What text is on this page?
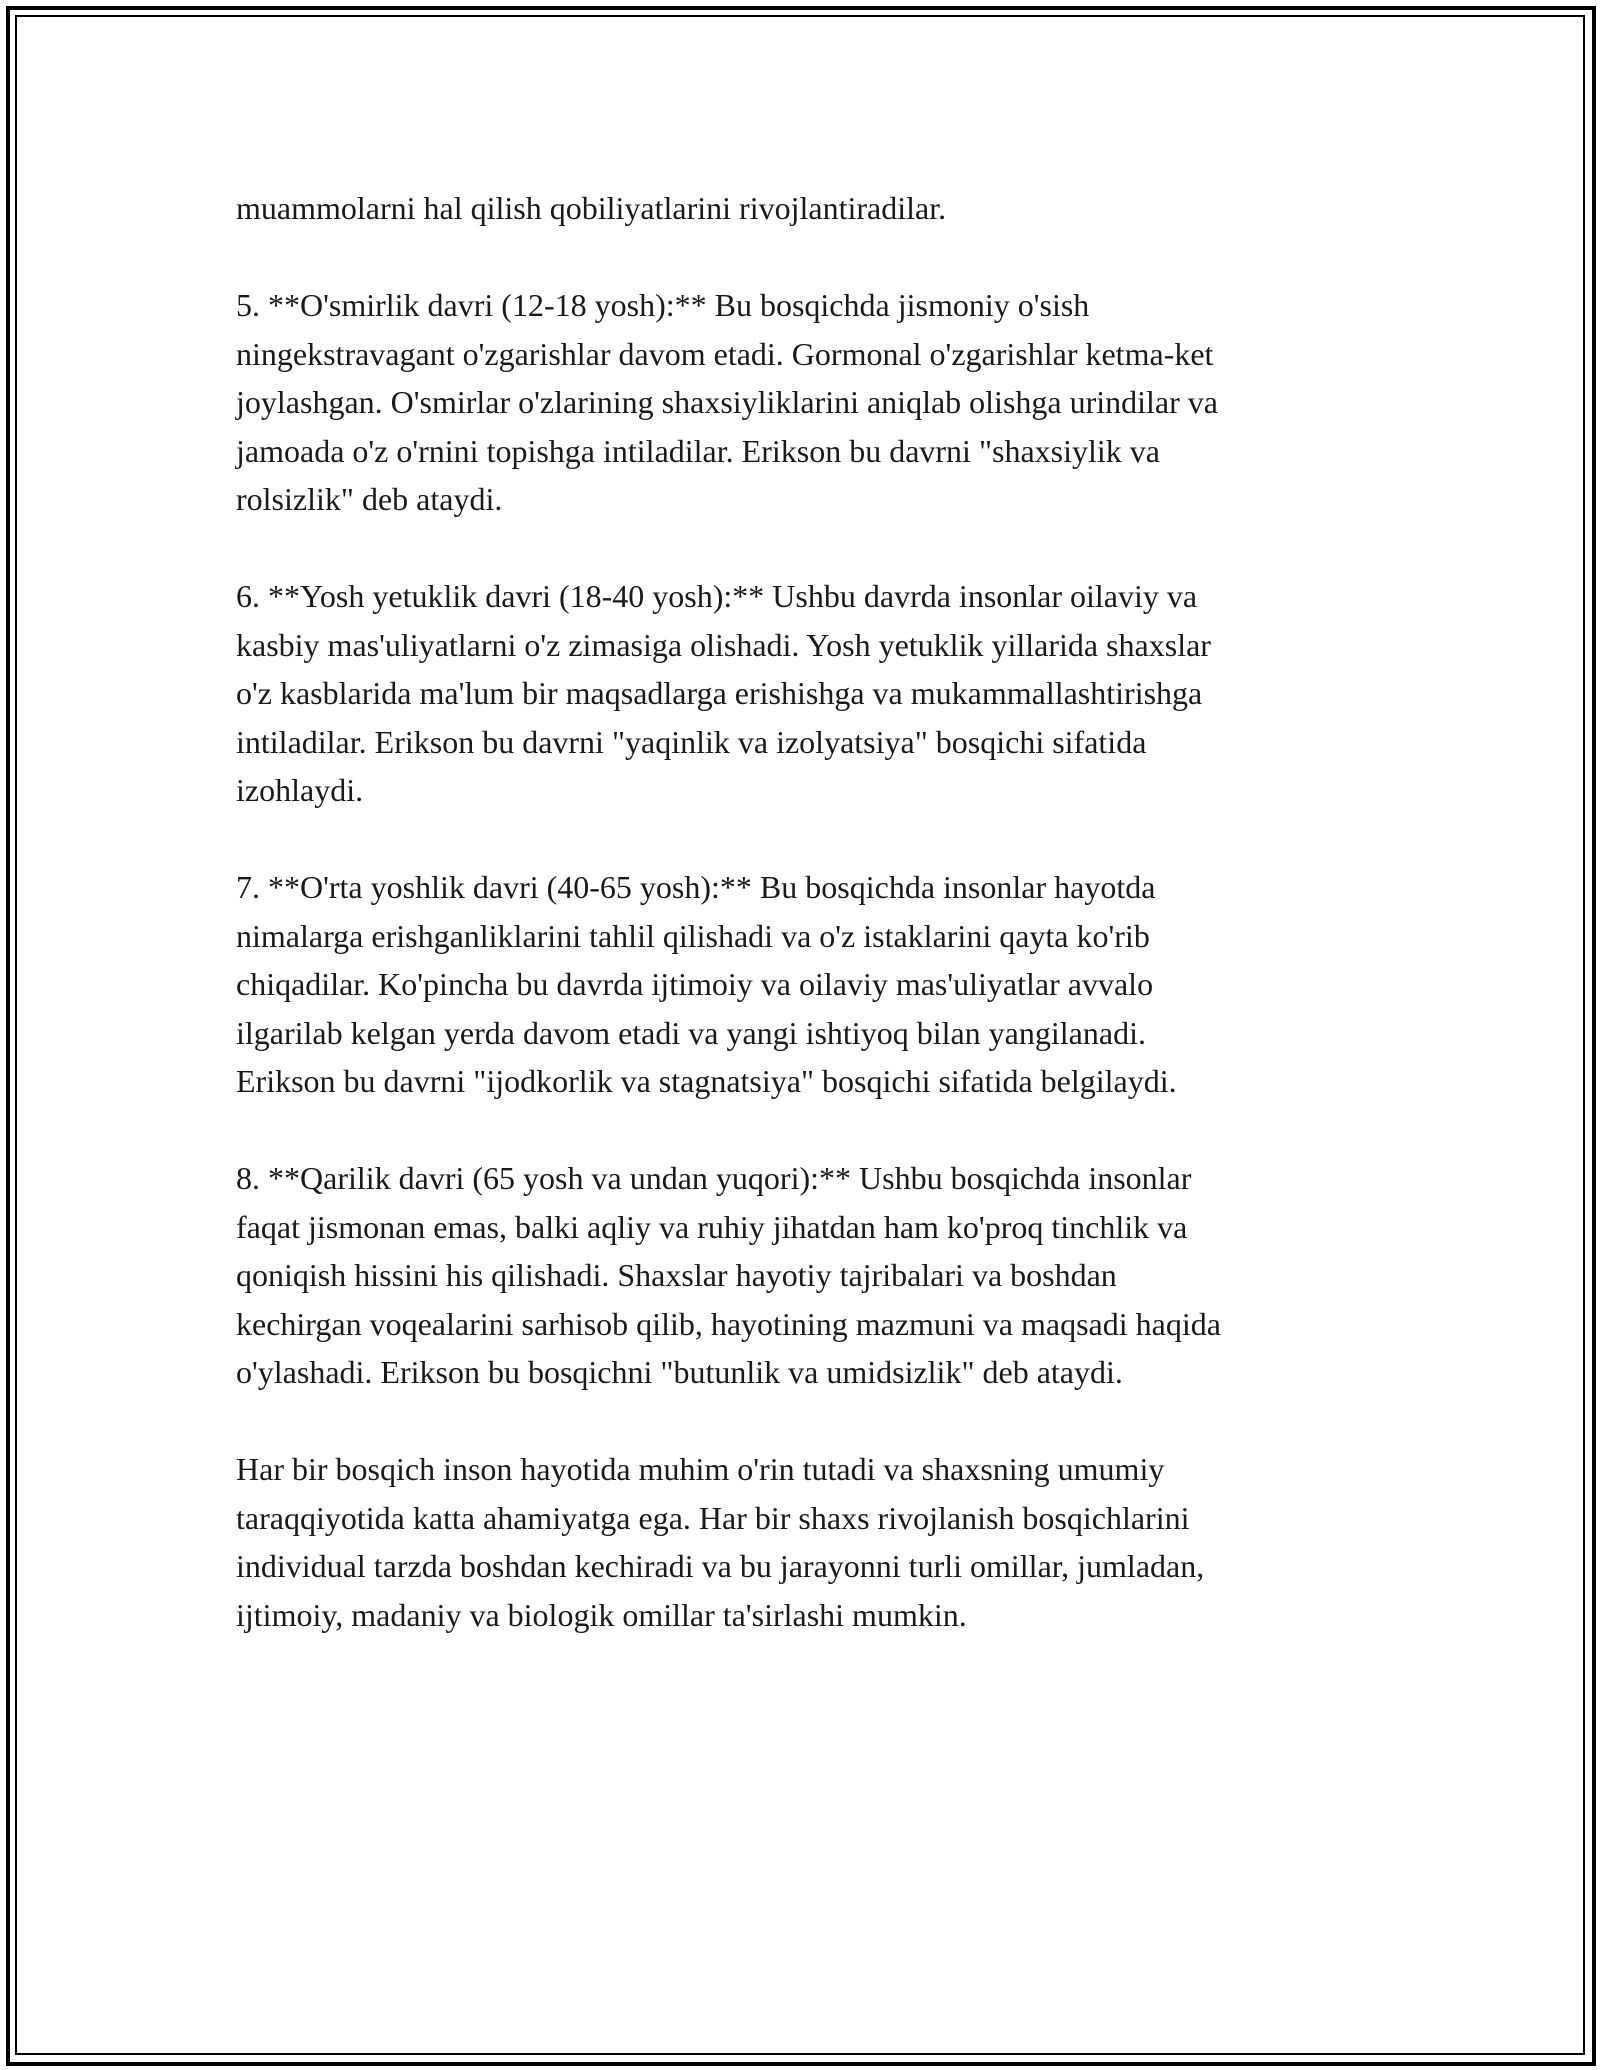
muammolarni hal qilish qobiliyatlarini rivojlantiradilar.

5. **O'smirlik davri (12-18 yosh):** Bu bosqichda jismoniy o'sish
ningekstravagant o'zgarishlar davom etadi. Gormonal o'zgarishlar ketma-ket
joylashgan. O'smirlar o'zlarining shaxsiyliklarini aniqlab olishga urindilar va
jamoada o'z o'rnini topishga intiladilar. Erikson bu davrni "shaxsiylik va
rolsizlik" deb ataydi.

6. **Yosh yetuklik davri (18-40 yosh):** Ushbu davrda insonlar oilaviy va
kasbiy mas'uliyatlarni o'z zimasiga olishadi. Yosh yetuklik yillarida shaxslar
o'z kasblarida ma'lum bir maqsadlarga erishishga va mukammallashtirishga
intiladilar. Erikson bu davrni "yaqinlik va izolyatsiya" bosqichi sifatida
izohlaydi.

7. **O'rta yoshlik davri (40-65 yosh):** Bu bosqichda insonlar hayotda
nimalarga erishganliklarini tahlil qilishadi va o'z istaklarini qayta ko'rib
chiqadilar. Ko'pincha bu davrda ijtimoiy va oilaviy mas'uliyatlar avvalo
ilgarilab kelgan yerda davom etadi va yangi ishtiyoq bilan yangilanadi.
Erikson bu davrni "ijodkorlik va stagnatsiya" bosqichi sifatida belgilaydi.

8. **Qarilik davri (65 yosh va undan yuqori):** Ushbu bosqichda insonlar
faqat jismonan emas, balki aqliy va ruhiy jihatdan ham ko'proq tinchlik va
qoniqish hissini his qilishadi. Shaxslar hayotiy tajribalari va boshdan
kechirgan voqealarini sarhisob qilib, hayotining mazmuni va maqsadi haqida
o'ylashadi. Erikson bu bosqichni "butunlik va umidsizlik" deb ataydi.

Har bir bosqich inson hayotida muhim o'rin tutadi va shaxsning umumiy
taraqqiyotida katta ahamiyatga ega. Har bir shaxs rivojlanish bosqichlarini
individual tarzda boshdan kechiradi va bu jarayonni turli omillar, jumladan,
ijtimoiy, madaniy va biologik omillar ta'sirlashi mumkin.
